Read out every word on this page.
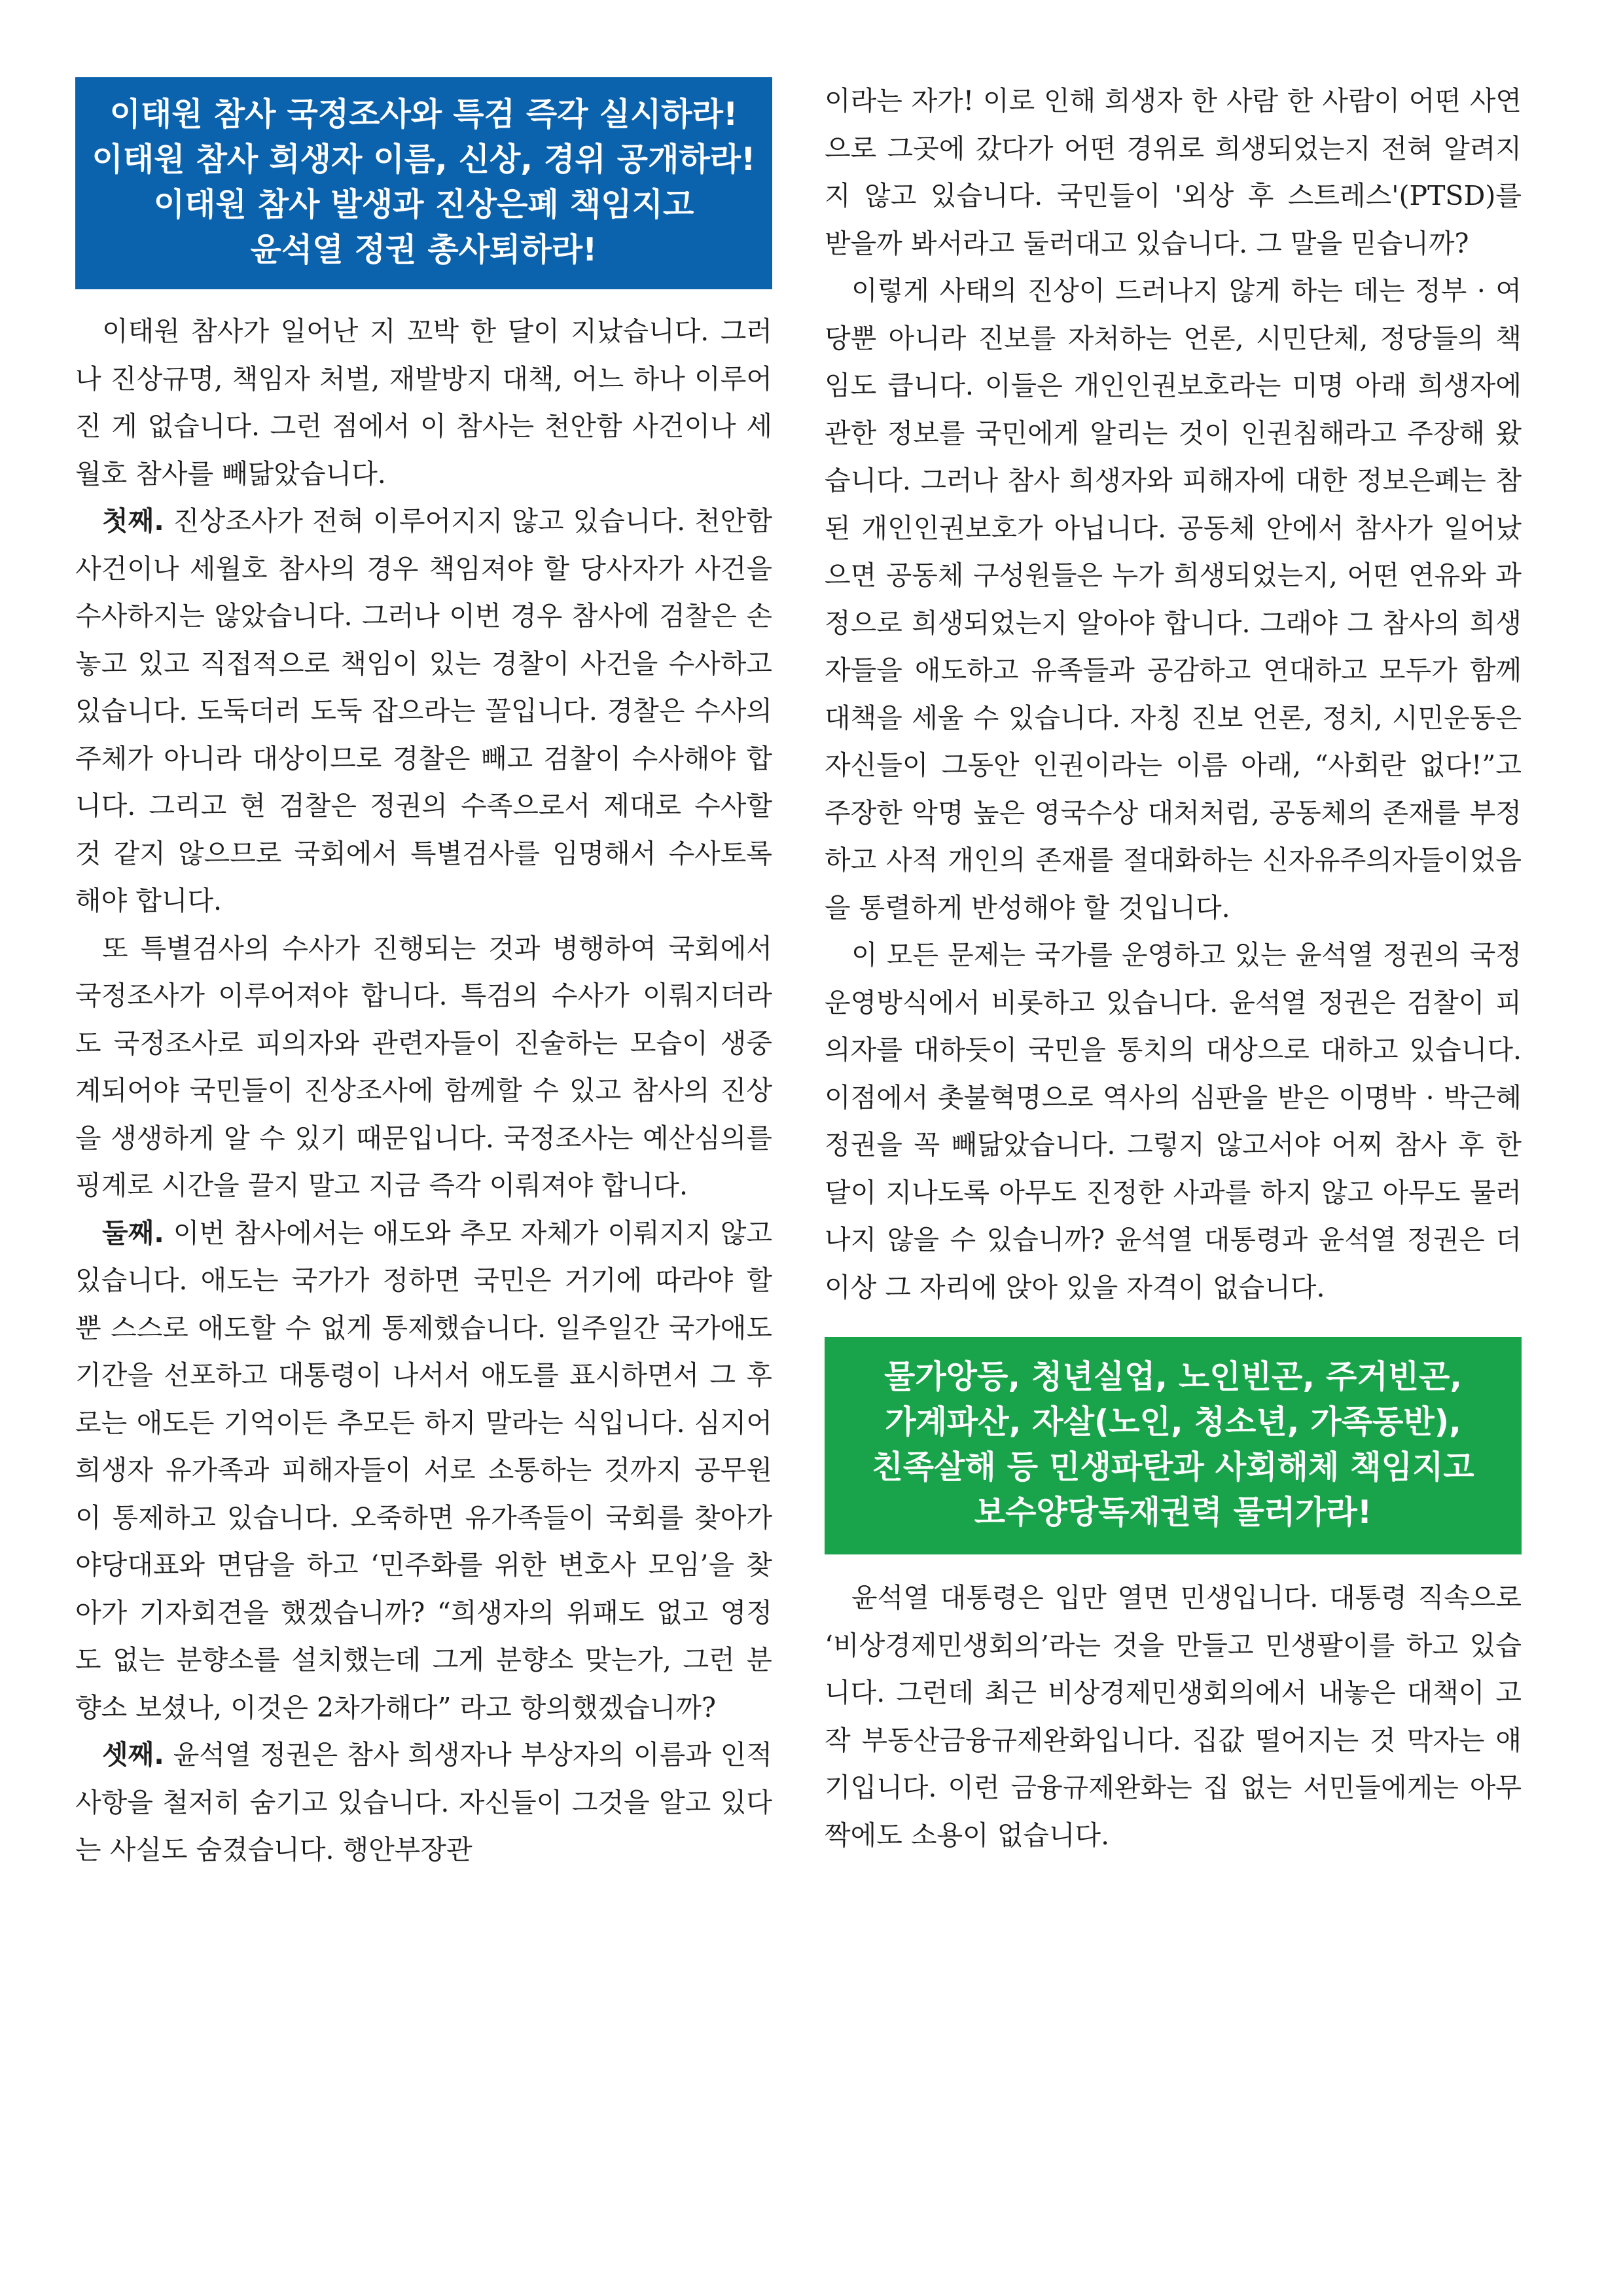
이태원 참사 국정조사와 특검 즉각 실시하라!
이태원 참사 희생자 이름, 신상, 경위 공개하라!
이태원 참사 발생과 진상은폐 책임지고
윤석열 정권 총사퇴하라!

이태원 참사가 일어난 지 꼬박 한 달이 지났습니다. 그러나 진상규명, 책임자 처벌, 재발방지 대책, 어느 하나 이루어진 게 없습니다. 그런 점에서 이 참사는 천안함 사건이나 세월호 참사를 빼닮았습니다.

첫째. 진상조사가 전혀 이루어지지 않고 있습니다. 천안함 사건이나 세월호 참사의 경우 책임져야 할 당사자가 사건을 수사하지는 않았습니다. 그러나 이번 경우 참사에 검찰은 손놓고 있고 직접적으로 책임이 있는 경찰이 사건을 수사하고 있습니다. 도둑더러 도둑 잡으라는 꼴입니다. 경찰은 수사의 주체가 아니라 대상이므로 경찰은 빼고 검찰이 수사해야 합니다. 그리고 현 검찰은 정권의 수족으로서 제대로 수사할 것 같지 않으므로 국회에서 특별검사를 임명해서 수사토록 해야 합니다.

또 특별검사의 수사가 진행되는 것과 병행하여 국회에서 국정조사가 이루어져야 합니다. 특검의 수사가 이뤄지더라도 국정조사로 피의자와 관련자들이 진술하는 모습이 생중계되어야 국민들이 진상조사에 함께할 수 있고 참사의 진상을 생생하게 알 수 있기 때문입니다. 국정조사는 예산심의를 핑계로 시간을 끌지 말고 지금 즉각 이뤄져야 합니다.

둘째. 이번 참사에서는 애도와 추모 자체가 이뤄지지 않고 있습니다. 애도는 국가가 정하면 국민은 거기에 따라야 할 뿐 스스로 애도할 수 없게 통제했습니다. 일주일간 국가애도기간을 선포하고 대통령이 나서서 애도를 표시하면서 그 후로는 애도든 기억이든 추모든 하지 말라는 식입니다. 심지어 희생자 유가족과 피해자들이 서로 소통하는 것까지 공무원이 통제하고 있습니다. 오죽하면 유가족들이 국회를 찾아가 야당대표와 면담을 하고 ‘민주화를 위한 변호사 모임’을 찾아가 기자회견을 했겠습니까? “희생자의 위패도 없고 영정도 없는 분향소를 설치했는데 그게 분향소 맞는가, 그런 분향소 보셨나, 이것은 2차가해다” 라고 항의했겠습니까?

셋째. 윤석열 정권은 참사 희생자나 부상자의 이름과 인적 사항을 철저히 숨기고 있습니다. 자신들이 그것을 알고 있다는 사실도 숨겼습니다. 행안부장관

이라는 자가! 이로 인해 희생자 한 사람 한 사람이 어떤 사연으로 그곳에 갔다가 어떤 경위로 희생되었는지 전혀 알려지지 않고 있습니다. 국민들이 '외상 후 스트레스'(PTSD)를 받을까 봐서라고 둘러대고 있습니다. 그 말을 믿습니까?

이렇게 사태의 진상이 드러나지 않게 하는 데는 정부 · 여당뿐 아니라 진보를 자처하는 언론, 시민단체, 정당들의 책임도 큽니다. 이들은 개인인권보호라는 미명 아래 희생자에 관한 정보를 국민에게 알리는 것이 인권침해라고 주장해 왔습니다. 그러나 참사 희생자와 피해자에 대한 정보은폐는 참된 개인인권보호가 아닙니다. 공동체 안에서 참사가 일어났으면 공동체 구성원들은 누가 희생되었는지, 어떤 연유와 과정으로 희생되었는지 알아야 합니다. 그래야 그 참사의 희생자들을 애도하고 유족들과 공감하고 연대하고 모두가 함께 대책을 세울 수 있습니다. 자칭 진보 언론, 정치, 시민운동은 자신들이 그동안 인권이라는 이름 아래, “사회란 없다!”고 주장한 악명 높은 영국수상 대처처럼, 공동체의 존재를 부정하고 사적 개인의 존재를 절대화하는 신자유주의자들이었음을 통렬하게 반성해야 할 것입니다.

이 모든 문제는 국가를 운영하고 있는 윤석열 정권의 국정운영방식에서 비롯하고 있습니다. 윤석열 정권은 검찰이 피의자를 대하듯이 국민을 통치의 대상으로 대하고 있습니다. 이점에서 촛불혁명으로 역사의 심판을 받은 이명박 · 박근혜 정권을 꼭 빼닮았습니다. 그렇지 않고서야 어찌 참사 후 한 달이 지나도록 아무도 진정한 사과를 하지 않고 아무도 물러나지 않을 수 있습니까? 윤석열 대통령과 윤석열 정권은 더 이상 그 자리에 앉아 있을 자격이 없습니다.

물가앙등, 청년실업, 노인빈곤, 주거빈곤,
가계파산, 자살(노인, 청소년, 가족동반),
친족살해 등 민생파탄과 사회해체 책임지고
보수양당독재권력 물러가라!

윤석열 대통령은 입만 열면 민생입니다. 대통령 직속으로 ‘비상경제민생회의’라는 것을 만들고 민생팔이를 하고 있습니다. 그런데 최근 비상경제민생회의에서 내놓은 대책이 고작 부동산금융규제완화입니다. 집값 떨어지는 것 막자는 얘기입니다. 이런 금융규제완화는 집 없는 서민들에게는 아무 짝에도 소용이 없습니다.
